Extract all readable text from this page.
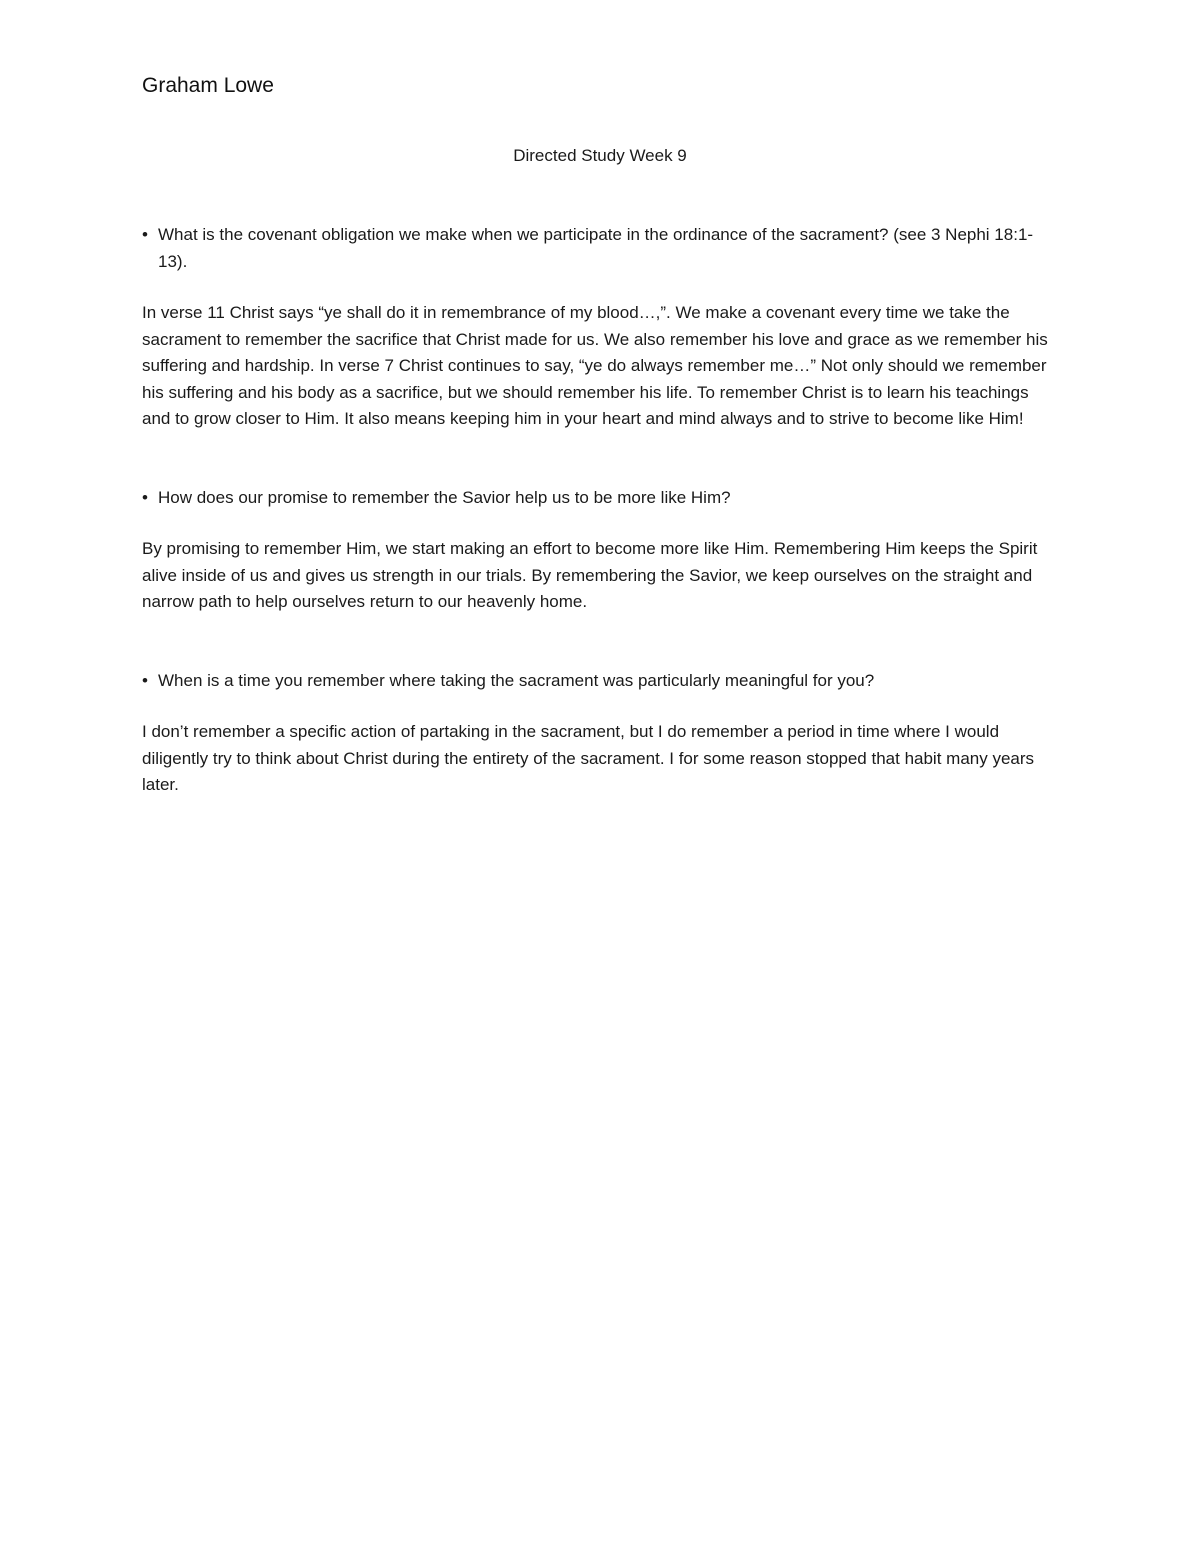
Graham Lowe
Directed Study Week 9
• What is the covenant obligation we make when we participate in the ordinance of the sacrament? (see 3 Nephi 18:1-13).

In verse 11 Christ says “ye shall do it in remembrance of my blood…,”. We make a covenant every time we take the sacrament to remember the sacrifice that Christ made for us. We also remember his love and grace as we remember his suffering and hardship. In verse 7 Christ continues to say, “ye do always remember me…” Not only should we remember his suffering and his body as a sacrifice, but we should remember his life. To remember Christ is to learn his teachings and to grow closer to Him. It also means keeping him in your heart and mind always and to strive to become like Him!

• How does our promise to remember the Savior help us to be more like Him?

By promising to remember Him, we start making an effort to become more like Him. Remembering Him keeps the Spirit alive inside of us and gives us strength in our trials. By remembering the Savior, we keep ourselves on the straight and narrow path to help ourselves return to our heavenly home.

• When is a time you remember where taking the sacrament was particularly meaningful for you?

I don’t remember a specific action of partaking in the sacrament, but I do remember a period in time where I would diligently try to think about Christ during the entirety of the sacrament. I for some reason stopped that habit many years later.
